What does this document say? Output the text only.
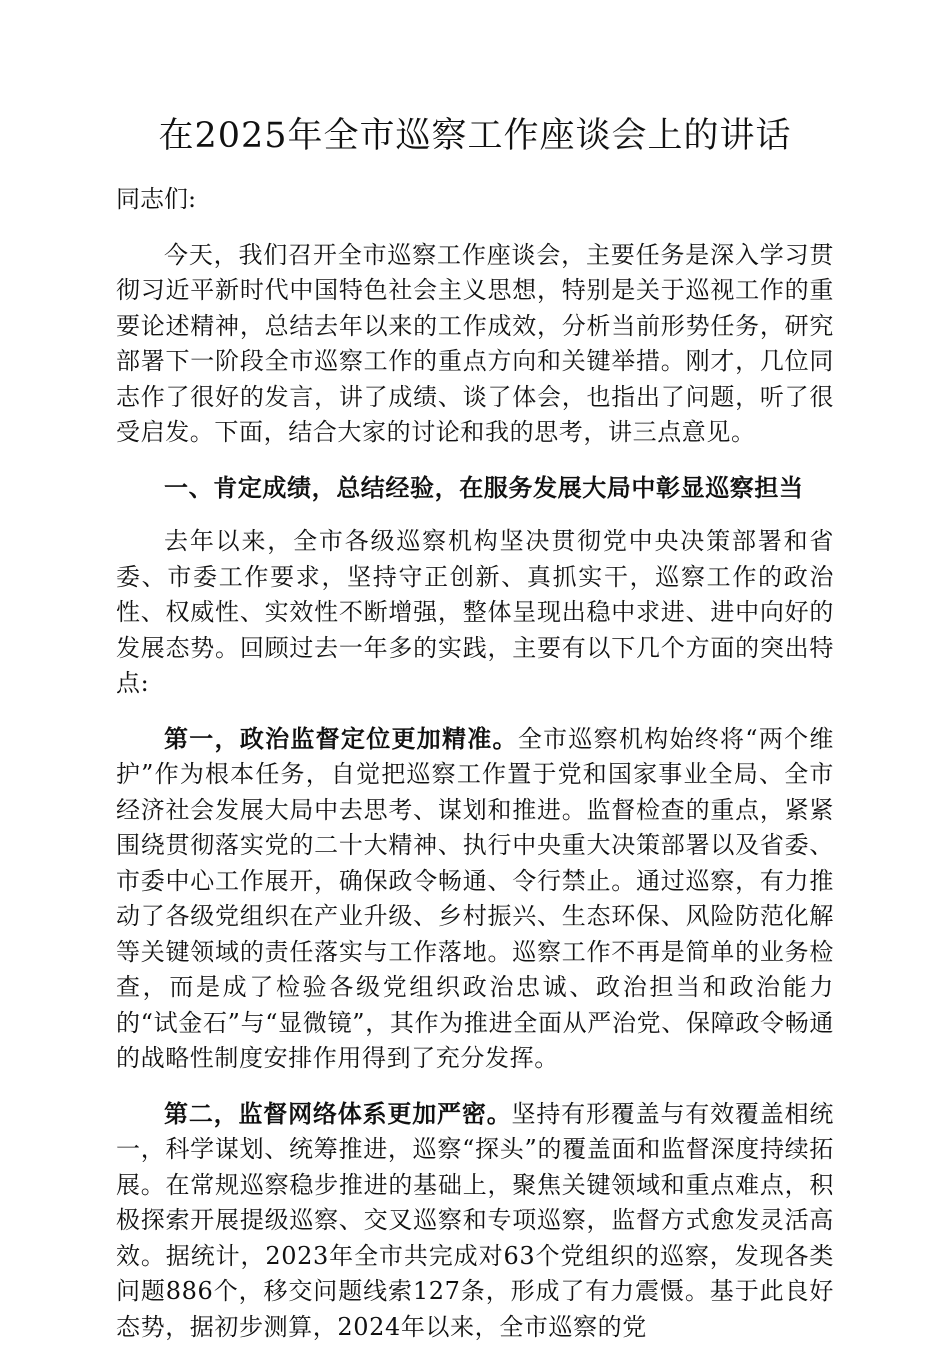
在2025年全市巡察工作座谈会上的讲话

同志们:

今天，我们召开全市巡察工作座谈会，主要任务是深入学习贯彻习近平新时代中国特色社会主义思想，特别是关于巡视工作的重要论述精神，总结去年以来的工作成效，分析当前形势任务，研究部署下一阶段全市巡察工作的重点方向和关键举措。刚才，几位同志作了很好的发言，讲了成绩、谈了体会，也指出了问题，听了很受启发。下面，结合大家的讨论和我的思考，讲三点意见。

一、肯定成绩，总结经验，在服务发展大局中彰显巡察担当

去年以来，全市各级巡察机构坚决贯彻党中央决策部署和省委、市委工作要求，坚持守正创新、真抓实干，巡察工作的政治性、权威性、实效性不断增强，整体呈现出稳中求进、进中向好的发展态势。回顾过去一年多的实践，主要有以下几个方面的突出特点:

第一，政治监督定位更加精准。全市巡察机构始终将“两个维护”作为根本任务，自觉把巡察工作置于党和国家事业全局、全市经济社会发展大局中去思考、谋划和推进。监督检查的重点，紧紧围绕贯彻落实党的二十大精神、执行中央重大决策部署以及省委、市委中心工作展开，确保政令畅通、令行禁止。通过巡察，有力推动了各级党组织在产业升级、乡村振兴、生态环保、风险防范化解等关键领域的责任落实与工作落地。巡察工作不再是简单的业务检查，而是成了检验各级党组织政治忠诚、政治担当和政治能力的“试金石”与“显微镜”，其作为推进全面从严治党、保障政令畅通的战略性制度安排作用得到了充分发挥。

第二，监督网络体系更加严密。坚持有形覆盖与有效覆盖相统一，科学谋划、统筹推进，巡察“探头”的覆盖面和监督深度持续拓展。在常规巡察稳步推进的基础上，聚焦关键领域和重点难点，积极探索开展提级巡察、交叉巡察和专项巡察，监督方式愈发灵活高效。据统计，2023年全市共完成对63个党组织的巡察，发现各类问题886个，移交问题线索127条，形成了有力震慑。基于此良好态势，据初步测算，2024年以来，全市巡察的党
